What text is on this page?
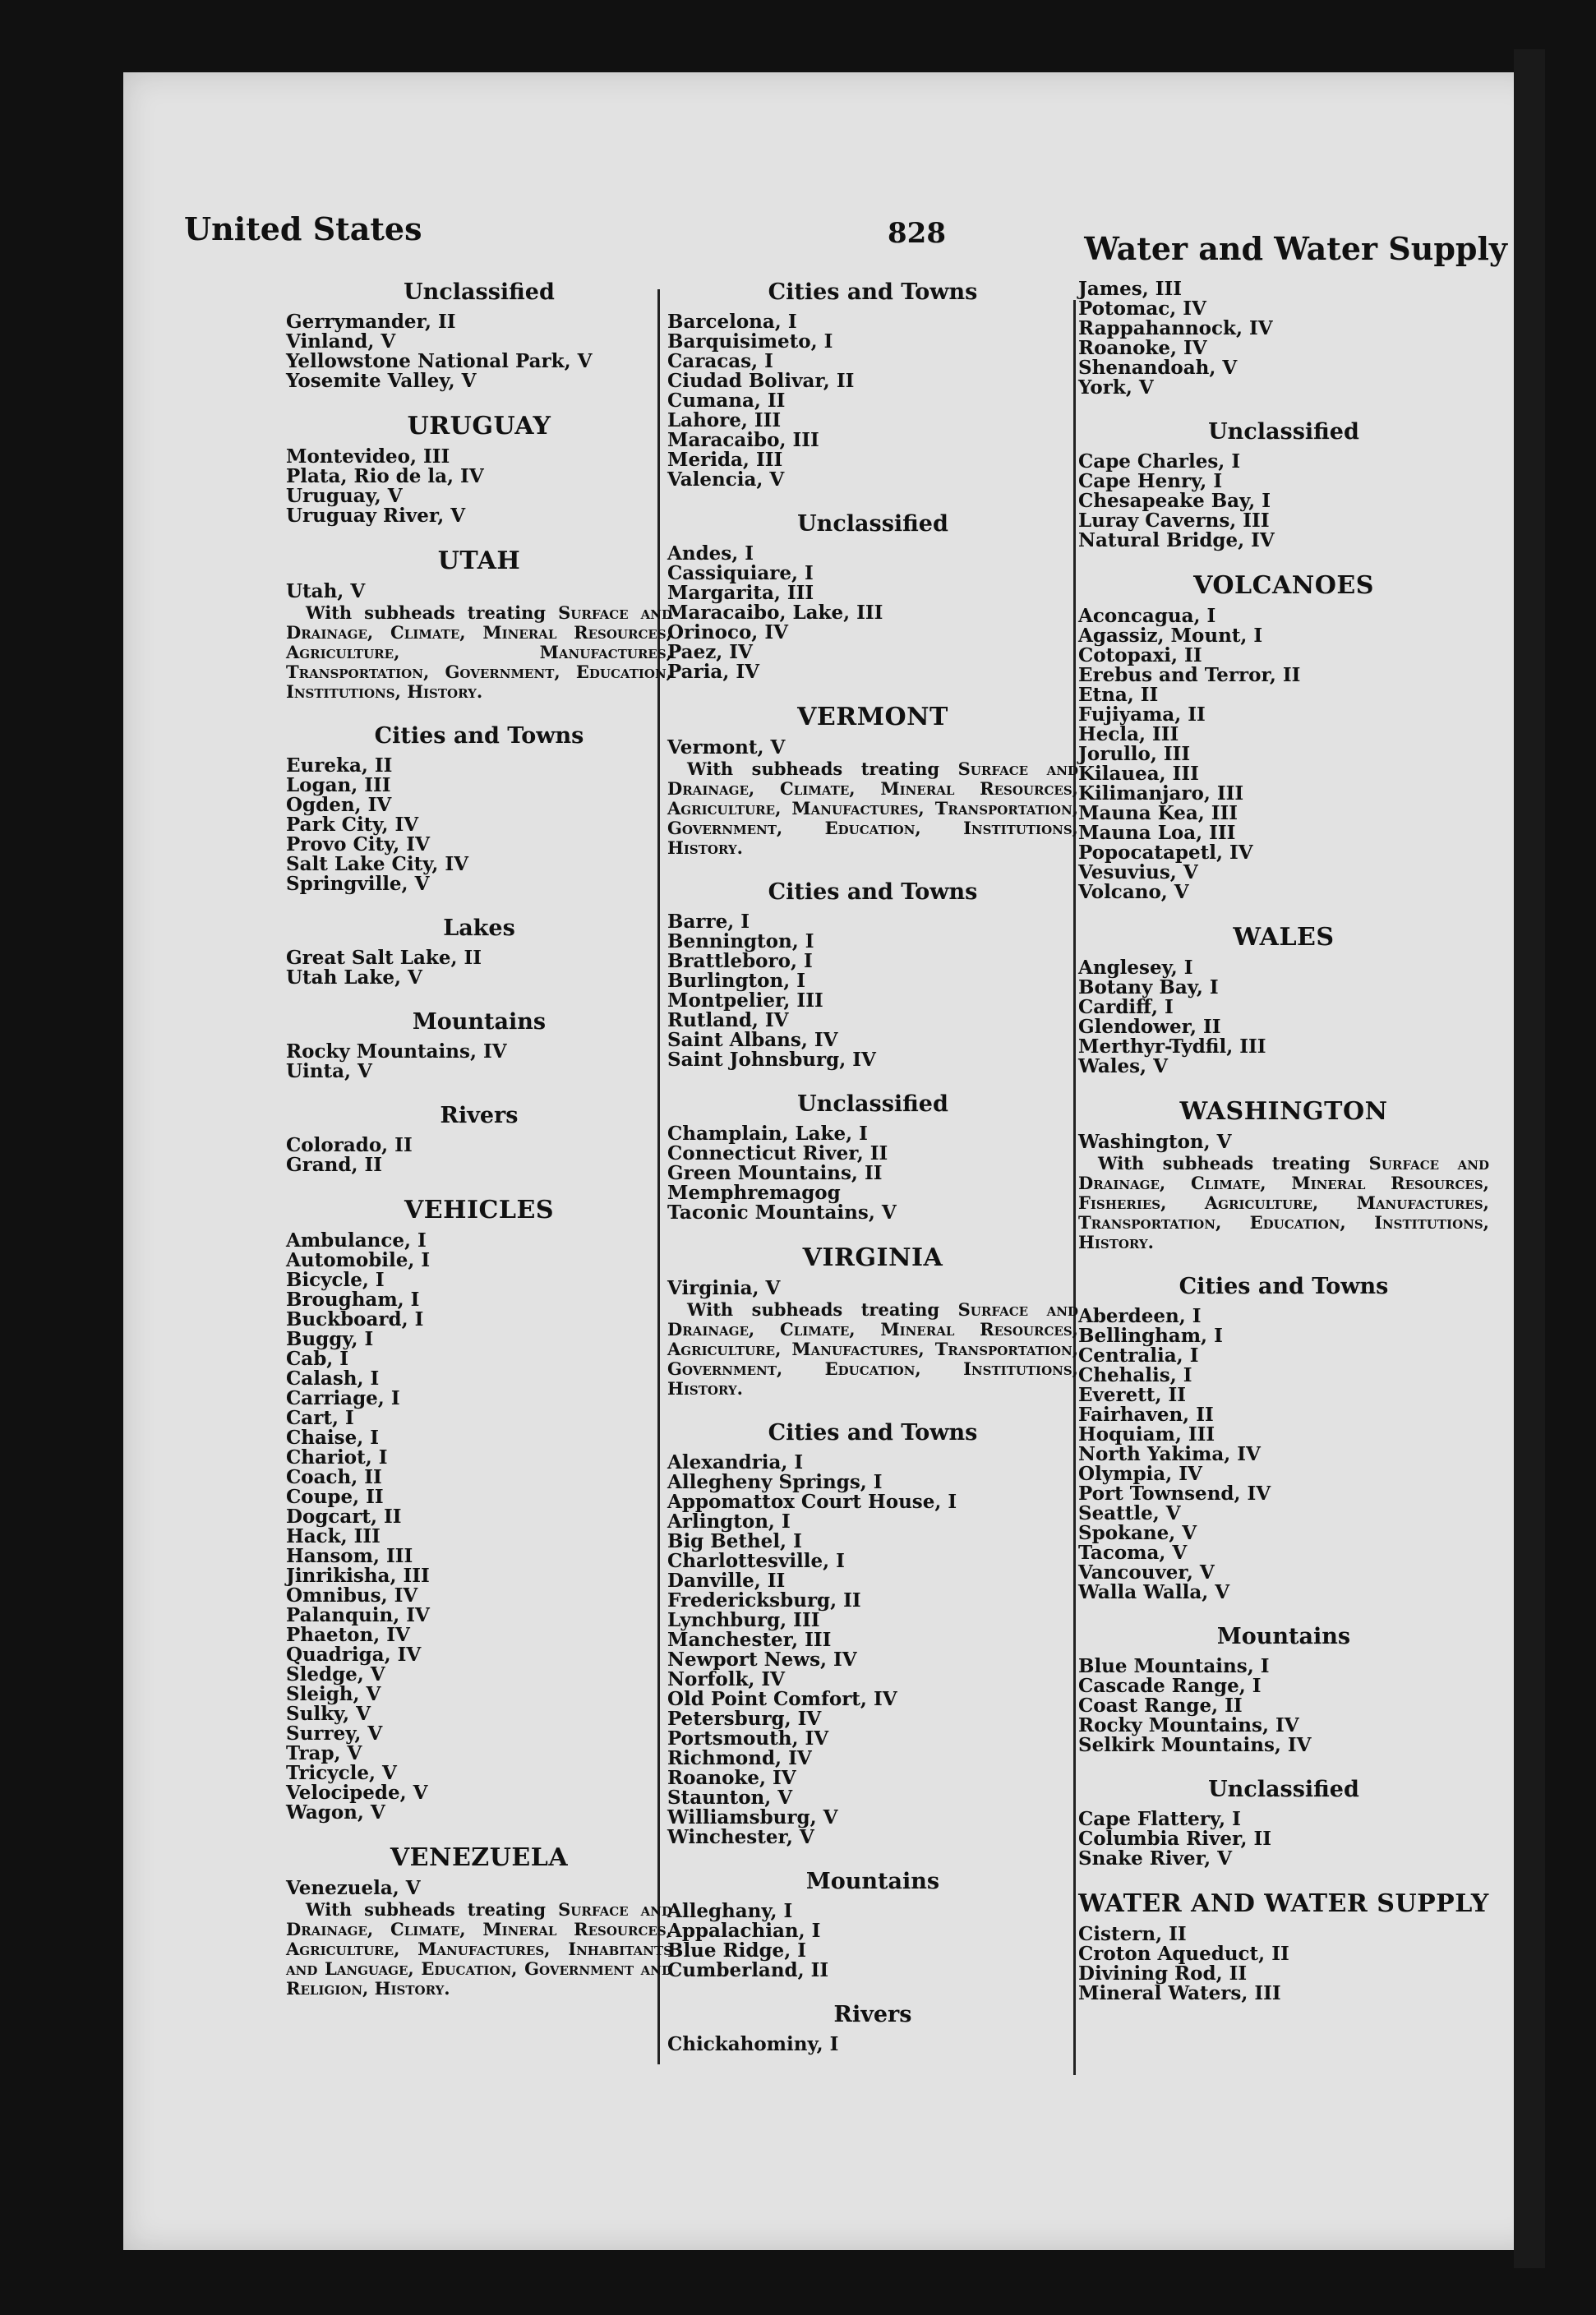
United States	828	Water and Water Supply
Unclassified
Gerrymander, II
Vinland, V
Yellowstone National Park, V
Yosemite Valley, V
URUGUAY
Montevideo, III
Plata, Rio de la, IV
Uruguay, V
Uruguay River, V
UTAH
Utah, V
With subheads treating Surface and Drainage, Climate, Mineral Resources, Agriculture, Manufactures, Transportation, Government, Education, Institutions, History.
Cities and Towns
Eureka, II
Logan, III
Ogden, IV
Park City, IV
Provo City, IV
Salt Lake City, IV
Springville, V
Lakes
Great Salt Lake, II
Utah Lake, V
Mountains
Rocky Mountains, IV
Uinta, V
Rivers
Colorado, II
Grand, II
VEHICLES
Ambulance, I
Automobile, I
Bicycle, I
Brougham, I
Buckboard, I
Buggy, I
Cab, I
Calash, I
Carriage, I
Cart, I
Chaise, I
Chariot, I
Coach, II
Coupe, II
Dogcart, II
Hack, III
Hansom, III
Jinrikisha, III
Omnibus, IV
Palanquin, IV
Phaeton, IV
Quadriga, IV
Sledge, V
Sleigh, V
Sulky, V
Surrey, V
Trap, V
Tricycle, V
Velocipede, V
Wagon, V
VENEZUELA
Venezuela, V
With subheads treating Surface and Drainage, Climate, Mineral Resources, Agriculture, Manufactures, Inhabitants and Language, Education, Government and Religion, History.
Cities and Towns
Barcelona, I
Barquisimeto, I
Caracas, I
Ciudad Bolivar, II
Cumana, II
Lahore, III
Maracaibo, III
Merida, III
Valencia, V
Unclassified
Andes, I
Cassiquiare, I
Margarita, III
Maracaibo, Lake, III
Orinoco, IV
Paez, IV
Paria, IV
VERMONT
Vermont, V
With subheads treating Surface and Drainage, Climate, Mineral Resources, Agriculture, Manufactures, Transportation, Government, Education, Institutions, History.
Cities and Towns
Barre, I
Bennington, I
Brattleboro, I
Burlington, I
Montpelier, III
Rutland, IV
Saint Albans, IV
Saint Johnsburg, IV
Unclassified
Champlain, Lake, I
Connecticut River, II
Green Mountains, II
Memphremagog
Taconic Mountains, V
VIRGINIA
Virginia, V
With subheads treating Surface and Drainage, Climate, Mineral Resources, Agriculture, Manufactures, Transportation, Government, Education, Institutions, History.
Cities and Towns
Alexandria, I
Allegheny Springs, I
Appomattox Court House, I
Arlington, I
Big Bethel, I
Charlottesville, I
Danville, II
Fredericksburg, II
Lynchburg, III
Manchester, III
Newport News, IV
Norfolk, IV
Old Point Comfort, IV
Petersburg, IV
Portsmouth, IV
Richmond, IV
Roanoke, IV
Staunton, V
Williamsburg, V
Winchester, V
Mountains
Alleghany, I
Appalachian, I
Blue Ridge, I
Cumberland, II
Rivers
Chickahominy, I
James, III
Potomac, IV
Rappahannock, IV
Roanoke, IV
Shenandoah, V
York, V
Unclassified
Cape Charles, I
Cape Henry, I
Chesapeake Bay, I
Luray Caverns, III
Natural Bridge, IV
VOLCANOES
Aconcagua, I
Agassiz, Mount, I
Cotopaxi, II
Erebus and Terror, II
Etna, II
Fujiyama, II
Hecla, III
Jorullo, III
Kilauea, III
Kilimanjaro, III
Mauna Kea, III
Mauna Loa, III
Popocatapetl, IV
Vesuvius, V
Volcano, V
WALES
Anglesey, I
Botany Bay, I
Cardiff, I
Glendower, II
Merthyr-Tydfil, III
Wales, V
WASHINGTON
Washington, V
With subheads treating Surface and Drainage, Climate, Mineral Resources, Fisheries, Agriculture, Manufactures, Transportation, Education, Institutions, History.
Cities and Towns
Aberdeen, I
Bellingham, I
Centralia, I
Chehalis, I
Everett, II
Fairhaven, II
Hoquiam, III
North Yakima, IV
Olympia, IV
Port Townsend, IV
Seattle, V
Spokane, V
Tacoma, V
Vancouver, V
Walla Walla, V
Mountains
Blue Mountains, I
Cascade Range, I
Coast Range, II
Rocky Mountains, IV
Selkirk Mountains, IV
Unclassified
Cape Flattery, I
Columbia River, II
Snake River, V
WATER AND WATER SUPPLY
Cistern, II
Croton Aqueduct, II
Divining Rod, II
Mineral Waters, III
